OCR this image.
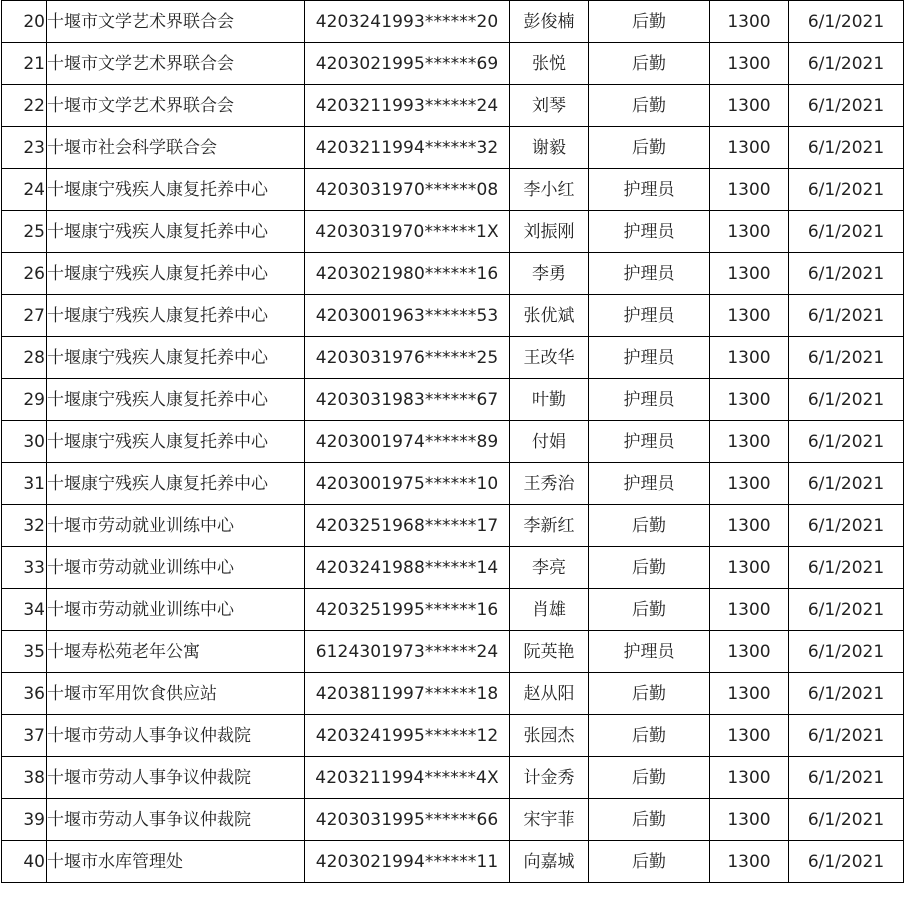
20	十堰市文学艺术界联合会	4203241993******20	彭俊楠	后勤	1300	6/1/2021
21	十堰市文学艺术界联合会	4203021995******69	张悦	后勤	1300	6/1/2021
22	十堰市文学艺术界联合会	4203211993******24	刘琴	后勤	1300	6/1/2021
23	十堰市社会科学联合会	4203211994******32	谢毅	后勤	1300	6/1/2021
24	十堰康宁残疾人康复托养中心	4203031970******08	李小红	护理员	1300	6/1/2021
25	十堰康宁残疾人康复托养中心	4203031970******1X	刘振刚	护理员	1300	6/1/2021
26	十堰康宁残疾人康复托养中心	4203021980******16	李勇	护理员	1300	6/1/2021
27	十堰康宁残疾人康复托养中心	4203001963******53	张优斌	护理员	1300	6/1/2021
28	十堰康宁残疾人康复托养中心	4203031976******25	王改华	护理员	1300	6/1/2021
29	十堰康宁残疾人康复托养中心	4203031983******67	叶勤	护理员	1300	6/1/2021
30	十堰康宁残疾人康复托养中心	4203001974******89	付娟	护理员	1300	6/1/2021
31	十堰康宁残疾人康复托养中心	4203001975******10	王秀治	护理员	1300	6/1/2021
32	十堰市劳动就业训练中心	4203251968******17	李新红	后勤	1300	6/1/2021
33	十堰市劳动就业训练中心	4203241988******14	李亮	后勤	1300	6/1/2021
34	十堰市劳动就业训练中心	4203251995******16	肖雄	后勤	1300	6/1/2021
35	十堰寿松苑老年公寓	6124301973******24	阮英艳	护理员	1300	6/1/2021
36	十堰市军用饮食供应站	4203811997******18	赵从阳	后勤	1300	6/1/2021
37	十堰市劳动人事争议仲裁院	4203241995******12	张园杰	后勤	1300	6/1/2021
38	十堰市劳动人事争议仲裁院	4203211994******4X	计金秀	后勤	1300	6/1/2021
39	十堰市劳动人事争议仲裁院	4203031995******66	宋宇菲	后勤	1300	6/1/2021
40	十堰市水库管理处	4203021994******11	向嘉城	后勤	1300	6/1/2021
